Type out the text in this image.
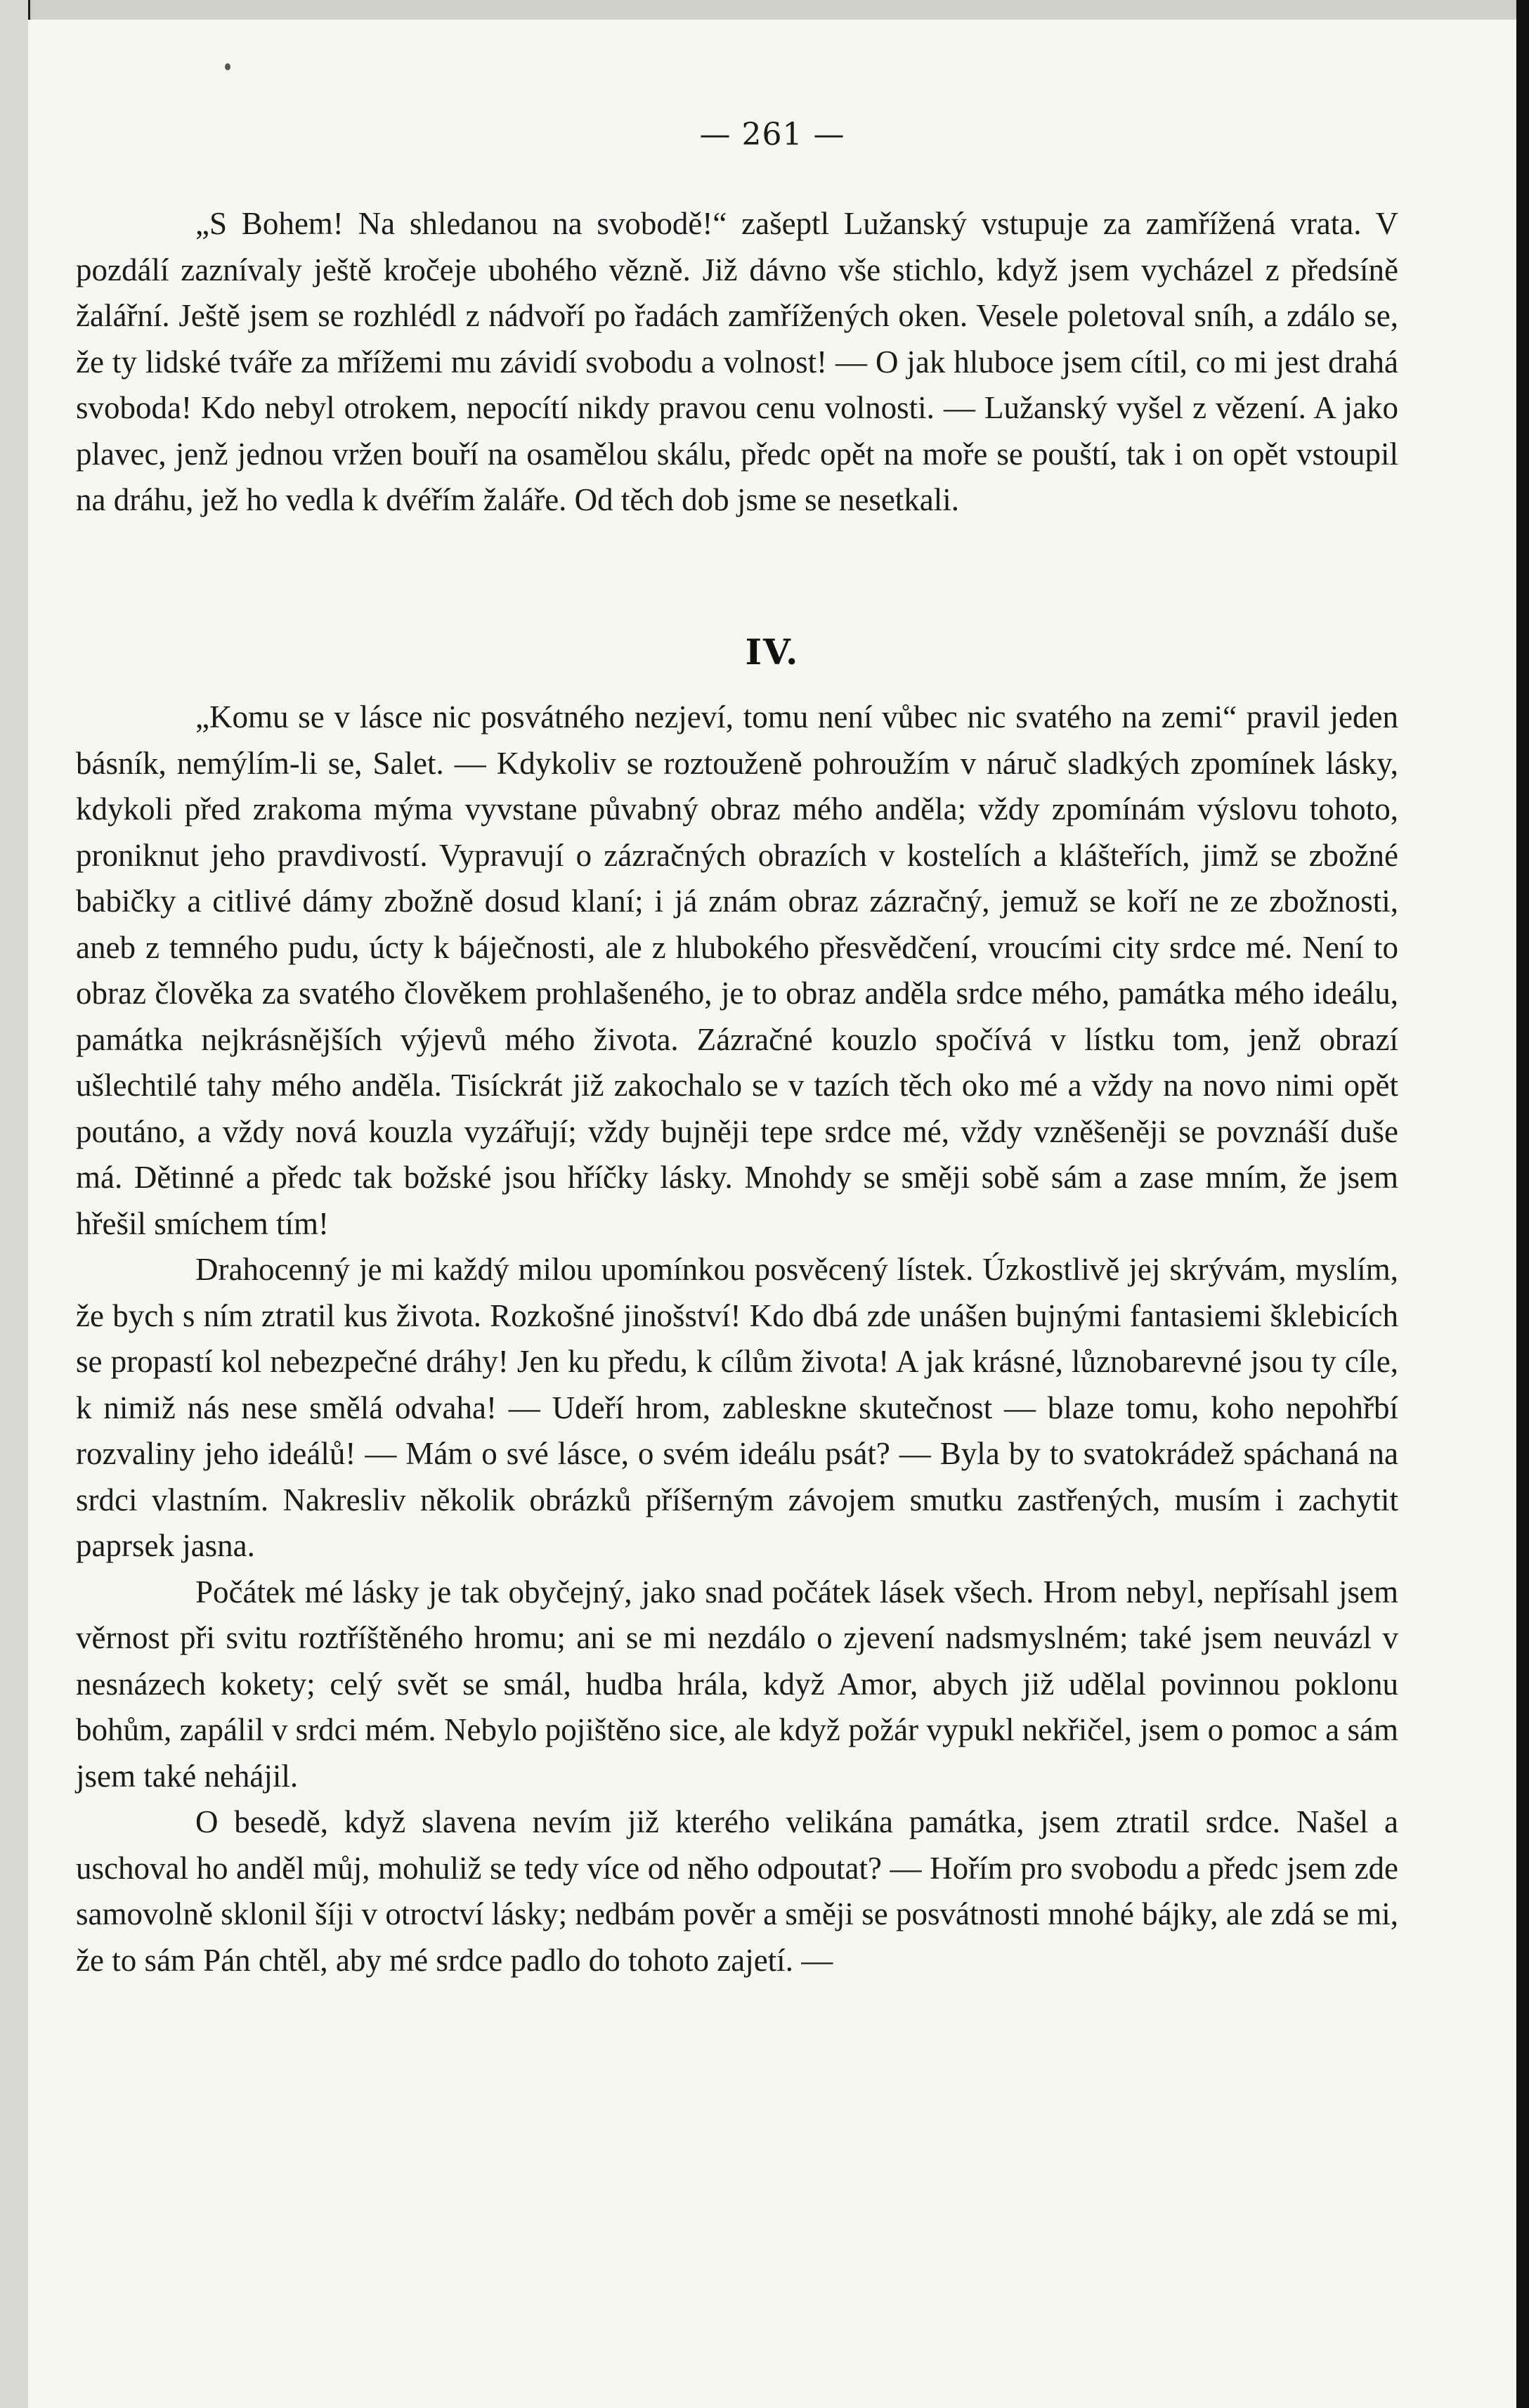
— 261 —

„S Bohem! Na shledanou na svobodě!“ zašeptl Lužanský vstupuje za zamřížená vrata. V pozdálí zaznívaly ještě kročeje ubohého vězně. Již dávno vše stichlo, když jsem vycházel z předsíně žalářní. Ještě jsem se rozhlédl z nádvoří po řadách zamřížených oken. Vesele poletoval sníh, a zdálo se, že ty lidské tváře za mřížemi mu závidí svobodu a volnost! — O jak hluboce jsem cítil, co mi jest drahá svoboda! Kdo nebyl otrokem, nepocítí nikdy pravou cenu volnosti. — Lužanský vyšel z vězení. A jako plavec, jenž jednou vržen bouří na osamělou skálu, předc opět na moře se pouští, tak i on opět vstoupil na dráhu, jež ho vedla k dvéřím žaláře. Od těch dob jsme se nesetkali.

IV.

„Komu se v lásce nic posvátného nezjeví, tomu není vůbec nic svatého na zemi“ pravil jeden básník, nemýlím-li se, Salet. — Kdykoliv se roztouženě pohroužím v náruč sladkých zpomínek lásky, kdykoli před zrakoma mýma vyvstane půvabný obraz mého anděla; vždy zpomínám výslovu tohoto, proniknut jeho pravdivostí. Vypravují o zázračných obrazích v kostelích a klášteřích, jimž se zbožné babičky a citlivé dámy zbožně dosud klaní; i já znám obraz zázračný, jemuž se koří ne ze zbožnosti, aneb z temného pudu, úcty k báječnosti, ale z hlubokého přesvědčení, vroucími city srdce mé. Není to obraz člověka za svatého člověkem prohlašeného, je to obraz anděla srdce mého, památka mého ideálu, památka nejkrásnějších výjevů mého života. Zázračné kouzlo spočívá v lístku tom, jenž obrazí ušlechtilé tahy mého anděla. Tisíckrát již zakochalo se v tazích těch oko mé a vždy na novo nimi opět poutáno, a vždy nová kouzla vyzářují; vždy bujněji tepe srdce mé, vždy vzněšeněji se povznáší duše má. Dětinné a předc tak božské jsou hříčky lásky. Mnohdy se směji sobě sám a zase mním, že jsem hřešil smíchem tím!

Drahocenný je mi každý milou upomínkou posvěcený lístek. Úzkostlivě jej skrývám, myslím, že bych s ním ztratil kus života. Rozkošné jinošství! Kdo dbá zde unášen bujnými fantasiemi šklebicích se propastí kol nebezpečné dráhy! Jen ku předu, k cílům života! A jak krásné, lůznobarevné jsou ty cíle, k nimiž nás nese smělá odvaha! — Udeří hrom, zableskne skutečnost — blaze tomu, koho nepohřbí rozvaliny jeho ideálů! — Mám o své lásce, o svém ideálu psát? — Byla by to svatokrádež spáchaná na srdci vlastním. Nakresliv několik obrázků příšerným závojem smutku zastřených, musím i zachytit paprsek jasna.

Počátek mé lásky je tak obyčejný, jako snad počátek lásek všech. Hrom nebyl, nepřísahl jsem věrnost při svitu roztříštěného hromu; ani se mi nezdálo o zjevení nadsmyslném; také jsem neuvázl v nesnázech kokety; celý svět se smál, hudba hrála, když Amor, abych již udělal povinnou poklonu bohům, zapálil v srdci mém. Nebylo pojištěno sice, ale když požár vypukl nekřičel, jsem o pomoc a sám jsem také nehájil.

O besedě, když slavena nevím již kterého velikána památka, jsem ztratil srdce. Našel a uschoval ho anděl můj, mohuliž se tedy více od něho odpoutat? — Hořím pro svobodu a předc jsem zde samovolně sklonil šíji v otroctví lásky; nedbám pověr a směji se posvátnosti mnohé bájky, ale zdá se mi, že to sám Pán chtěl, aby mé srdce padlo do tohoto zajetí. —
